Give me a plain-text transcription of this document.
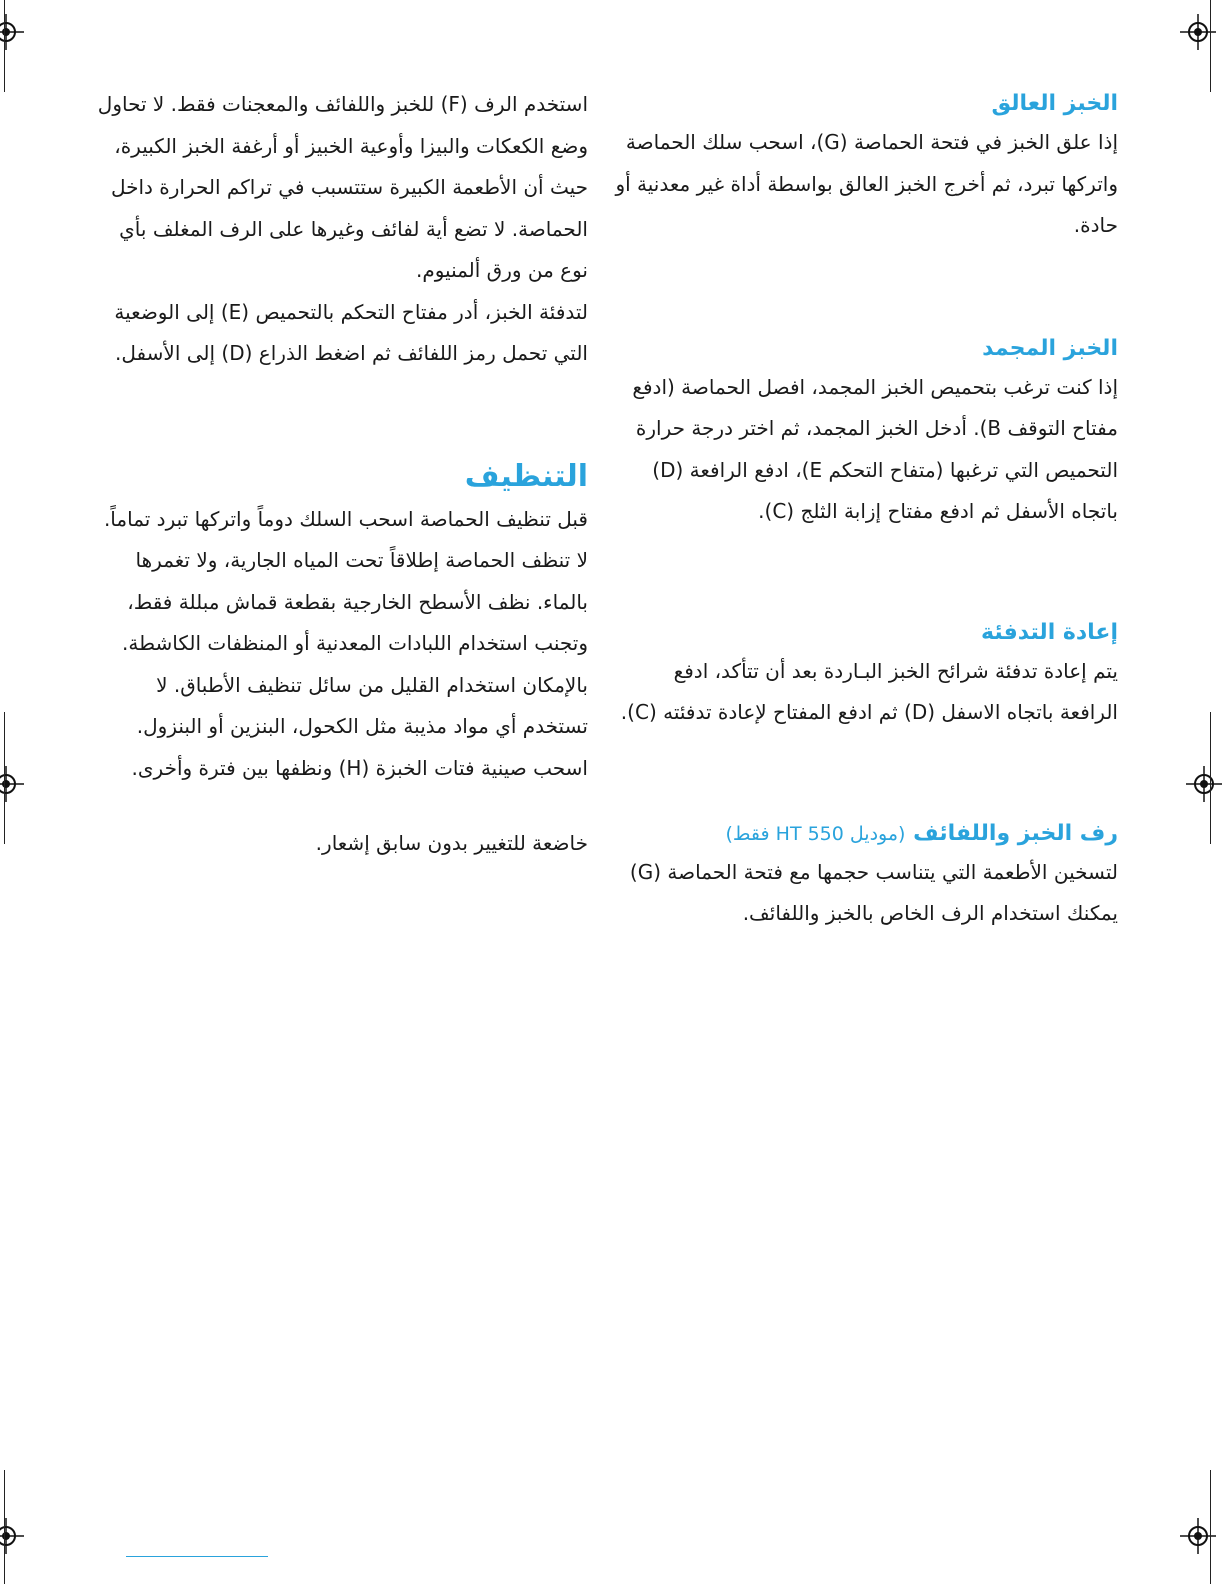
الخبز العالق

إذا علق الخبز في فتحة الحماصة (G)، اسحب سلك الحماصة واتركها تبرد، ثم أخرج الخبز العالق بواسطة أداة غير معدنية أو حادة.

الخبز المجمد

إذا كنت ترغب بتحميص الخبز المجمد، افصل الحماصة (ادفع مفتاح التوقف B). أدخل الخبز المجمد، ثم اختر درجة حرارة التحميص التي ترغبها (متفاح التحكم E)، ادفع الرافعة (D) باتجاه الأسفل ثم ادفع مفتاح إزابة الثلج (C).

إعادة التدفئة

يتم إعادة تدفئة شرائح الخبز البـاردة بعد أن تتأكد، ادفع الرافعة باتجاه الاسفل (D) ثم ادفع المفتاح لإعادة تدفئته (C).

رف الخبز واللفائف (موديل HT 550 فقط)

لتسخين الأطعمة التي يتناسب حجمها مع فتحة الحماصة (G) يمكنك استخدام الرف الخاص بالخبز واللفائف.

استخدم الرف (F) للخبز واللفائف والمعجنات فقط. لا تحاول وضع الكعكات والبيزا وأوعية الخبيز أو أرغفة الخبز الكبيرة، حيث أن الأطعمة الكبيرة ستتسبب في تراكم الحرارة داخل الحماصة. لا تضع أية لفائف وغيرها على الرف المغلف بأي نوع من ورق ألمنيوم.

لتدفئة الخبز، أدر مفتاح التحكم بالتحميص (E) إلى الوضعية التي تحمل رمز اللفائف ثم اضغط الذراع (D) إلى الأسفل.

التنظيف

قبل تنظيف الحماصة اسحب السلك دوماً واتركها تبرد تماماً. لا تنظف الحماصة إطلاقاً تحت المياه الجارية، ولا تغمرها بالماء. نظف الأسطح الخارجية بقطعة قماش مبللة فقط، وتجنب استخدام اللبادات المعدنية أو المنظفات الكاشطة. بالإمكان استخدام القليل من سائل تنظيف الأطباق. لا تستخدم أي مواد مذيبة مثل الكحول، البنزين أو البنزول. اسحب صينية فتات الخبزة (H) ونظفها بين فترة وأخرى.

خاضعة للتغيير بدون سابق إشعار.
